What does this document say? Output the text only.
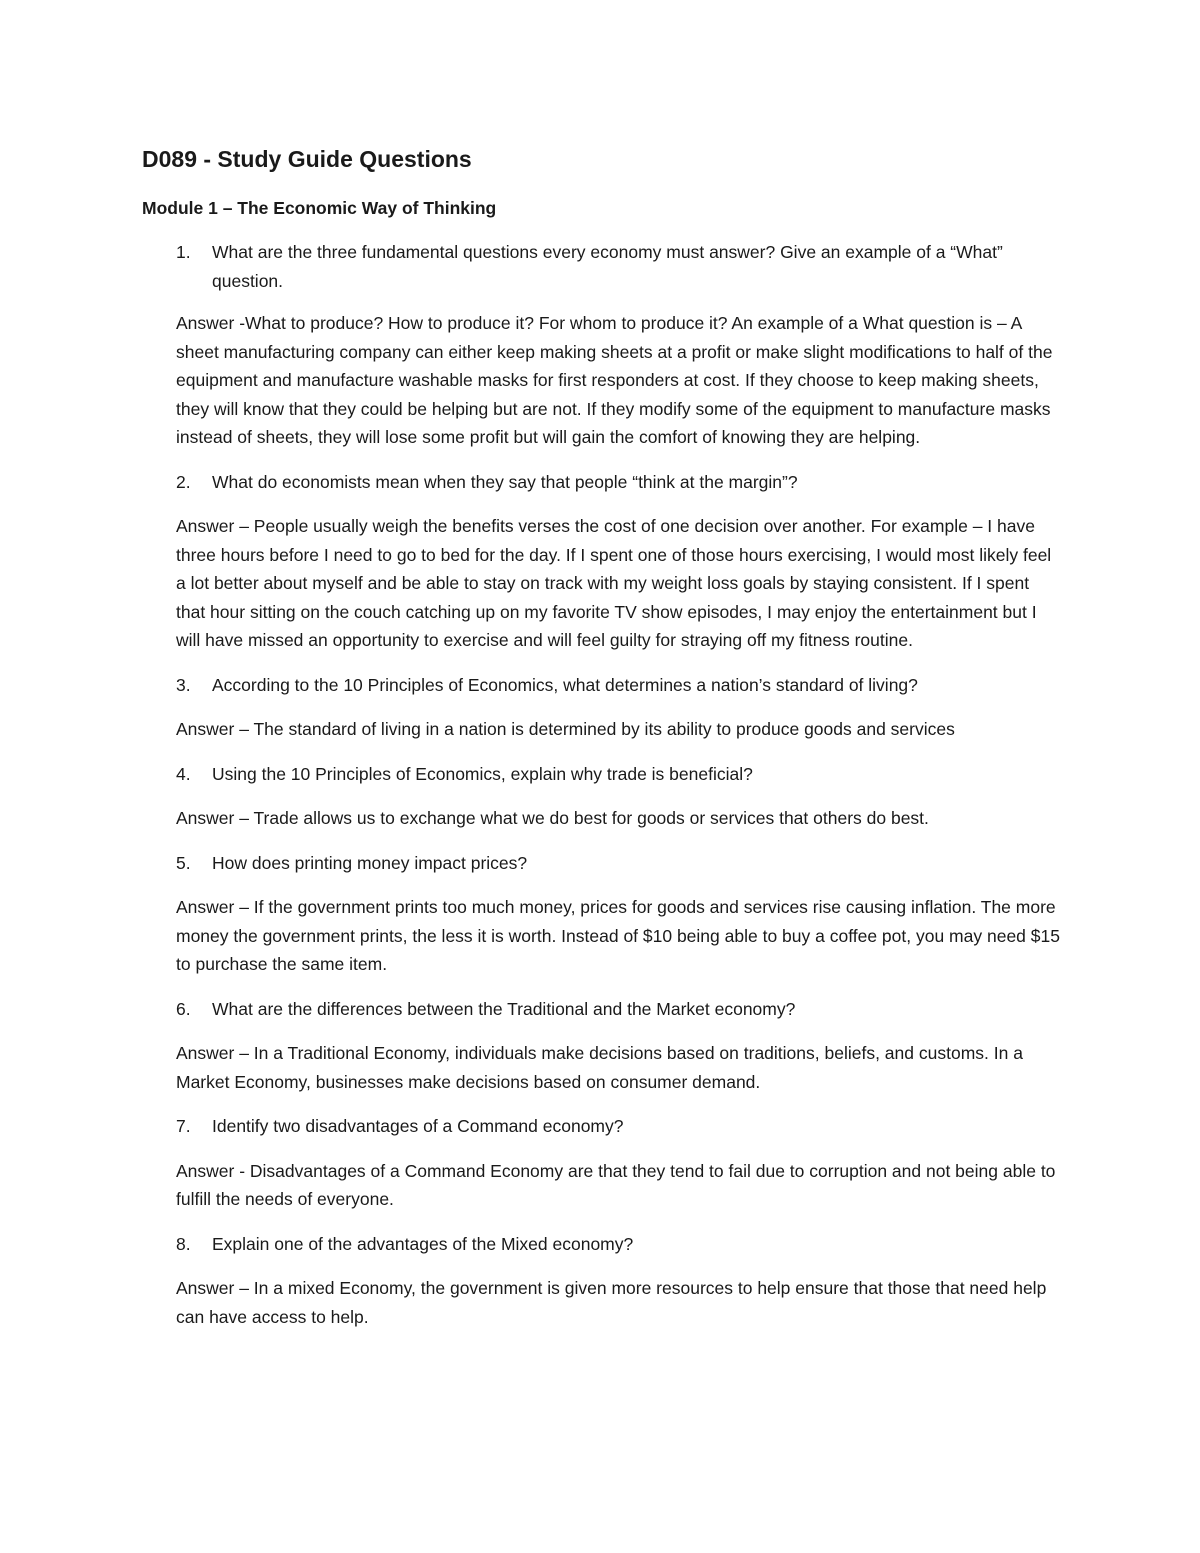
D089 - Study Guide Questions
Module 1 – The Economic Way of Thinking

1. What are the three fundamental questions every economy must answer? Give an example of a “What” question.

Answer -What to produce? How to produce it? For whom to produce it? An example of a What question is – A sheet manufacturing company can either keep making sheets at a profit or make slight modifications to half of the equipment and manufacture washable masks for first responders at cost. If they choose to keep making sheets, they will know that they could be helping but are not. If they modify some of the equipment to manufacture masks instead of sheets, they will lose some profit but will gain the comfort of knowing they are helping.

2. What do economists mean when they say that people “think at the margin”?

Answer – People usually weigh the benefits verses the cost of one decision over another. For example – I have three hours before I need to go to bed for the day. If I spent one of those hours exercising, I would most likely feel a lot better about myself and be able to stay on track with my weight loss goals by staying consistent. If I spent that hour sitting on the couch catching up on my favorite TV show episodes, I may enjoy the entertainment but I will have missed an opportunity to exercise and will feel guilty for straying off my fitness routine.

3. According to the 10 Principles of Economics, what determines a nation’s standard of living?

Answer – The standard of living in a nation is determined by its ability to produce goods and services

4. Using the 10 Principles of Economics, explain why trade is beneficial?

Answer – Trade allows us to exchange what we do best for goods or services that others do best.

5. How does printing money impact prices?

Answer – If the government prints too much money, prices for goods and services rise causing inflation. The more money the government prints, the less it is worth. Instead of $10 being able to buy a coffee pot, you may need $15 to purchase the same item.

6. What are the differences between the Traditional and the Market economy?

Answer – In a Traditional Economy, individuals make decisions based on traditions, beliefs, and customs. In a Market Economy, businesses make decisions based on consumer demand.

7. Identify two disadvantages of a Command economy?

Answer - Disadvantages of a Command Economy are that they tend to fail due to corruption and not being able to fulfill the needs of everyone.

8. Explain one of the advantages of the Mixed economy?

Answer – In a mixed Economy, the government is given more resources to help ensure that those that need help can have access to help.
